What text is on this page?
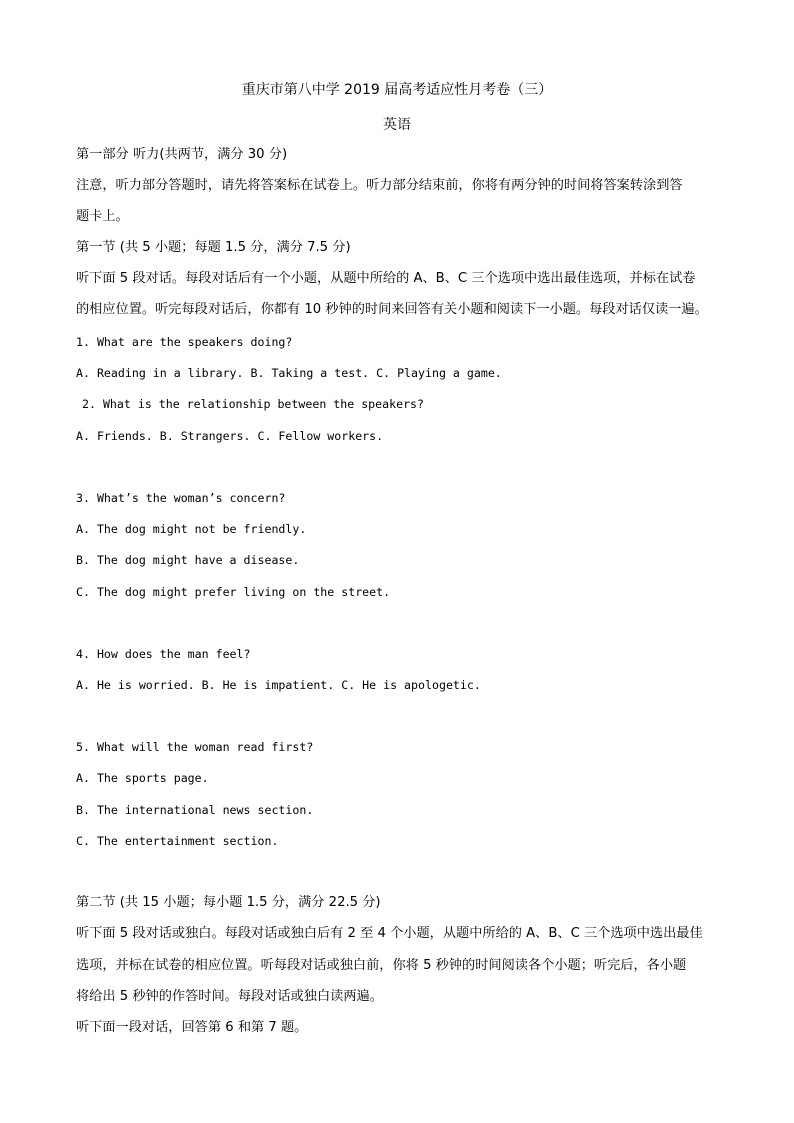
重庆市第八中学 2019 届高考适应性月考卷（三）
英语
第一部分 听力(共两节，满分 30 分)
注意，听力部分答题时，请先将答案标在试卷上。听力部分结束前，你将有两分钟的时间将答案转涂到答
题卡上。
第一节 (共 5 小题；每题 1.5 分，满分 7.5 分)
听下面 5 段对话。每段对话后有一个小题，从题中所给的 A、B、C 三个选项中选出最佳选项，并标在试卷
的相应位置。听完每段对话后，你都有 10 秒钟的时间来回答有关小题和阅读下一小题。每段对话仅读一遍。
1. What are the speakers doing?
A. Reading in a library. B. Taking a test. C. Playing a game.
2. What is the relationship between the speakers?
A. Friends. B. Strangers. C. Fellow workers.
3. What’s the woman’s concern?
A. The dog might not be friendly.
B. The dog might have a disease.
C. The dog might prefer living on the street.
4. How does the man feel?
A. He is worried. B. He is impatient. C. He is apologetic.
5. What will the woman read first?
A. The sports page.
B. The international news section.
C. The entertainment section.
第二节 (共 15 小题；每小题 1.5 分，满分 22.5 分)
听下面 5 段对话或独白。每段对话或独白后有 2 至 4 个小题，从题中所给的 A、B、C 三个选项中选出最佳
选项，并标在试卷的相应位置。听每段对话或独白前，你将 5 秒钟的时间阅读各个小题；听完后，各小题
将给出 5 秒钟的作答时间。每段对话或独白读两遍。
听下面一段对话，回答第 6 和第 7 题。
